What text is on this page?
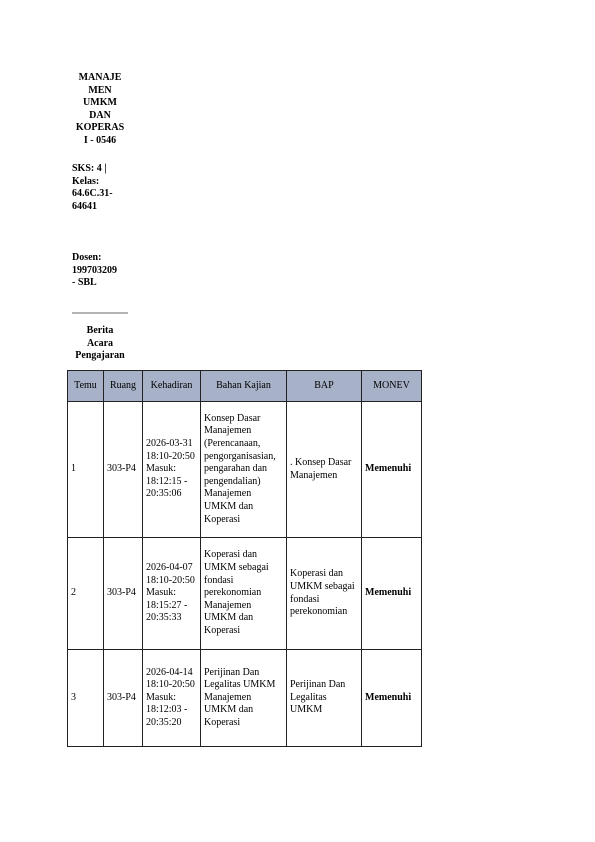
MANAJE
MEN
UMKM
DAN
KOPERAS
I - 0546
SKS: 4 |
Kelas:
64.6C.31-
64641
Dosen:
199703209
- SBL
Berita
Acara
Pengajaran
Temu	Ruang	Kehadiran	Bahan Kajian	BAP	MONEV
1	303-P4	2026-03-31 18:10-20:50 Masuk: 18:12:15 - 20:35:06	Konsep Dasar Manajemen (Perencanaan, pengorganisasian, pengarahan dan pengendalian) Manajemen UMKM dan Koperasi	. Konsep Dasar Manajemen	Memenuhi
2	303-P4	2026-04-07 18:10-20:50 Masuk: 18:15:27 - 20:35:33	Koperasi dan UMKM sebagai fondasi perekonomian Manajemen UMKM dan Koperasi	Koperasi dan UMKM sebagai fondasi perekonomian	Memenuhi
3	303-P4	2026-04-14 18:10-20:50 Masuk: 18:12:03 - 20:35:20	Perijinan Dan Legalitas UMKM Manajemen UMKM dan Koperasi	Perijinan Dan Legalitas UMKM	Memenuhi
